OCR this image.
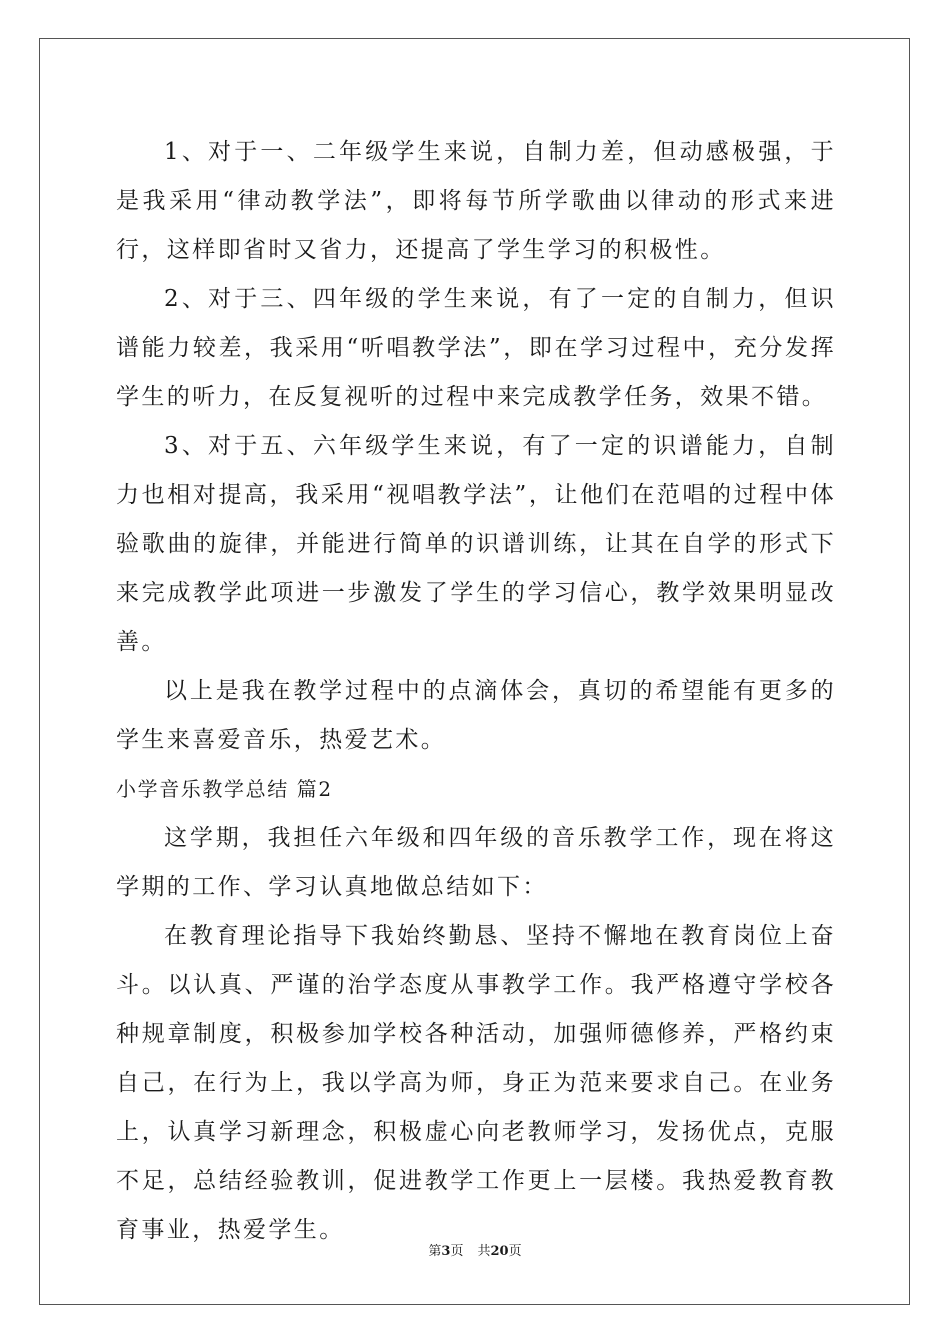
1、对于一、二年级学生来说，自制力差，但动感极强，于是我采用“律动教学法”，即将每节所学歌曲以律动的形式来进行，这样即省时又省力，还提高了学生学习的积极性。

2、对于三、四年级的学生来说，有了一定的自制力，但识谱能力较差，我采用“听唱教学法”，即在学习过程中，充分发挥学生的听力，在反复视听的过程中来完成教学任务，效果不错。

3、对于五、六年级学生来说，有了一定的识谱能力，自制力也相对提高，我采用“视唱教学法”，让他们在范唱的过程中体验歌曲的旋律，并能进行简单的识谱训练，让其在自学的形式下来完成教学此项进一步激发了学生的学习信心，教学效果明显改善。

以上是我在教学过程中的点滴体会，真切的希望能有更多的学生来喜爱音乐，热爱艺术。

小学音乐教学总结 篇2

这学期，我担任六年级和四年级的音乐教学工作，现在将这学期的工作、学习认真地做总结如下：

在教育理论指导下我始终勤恳、坚持不懈地在教育岗位上奋斗。以认真、严谨的治学态度从事教学工作。我严格遵守学校各种规章制度，积极参加学校各种活动，加强师德修养，严格约束自己，在行为上，我以学高为师，身正为范来要求自己。在业务上，认真学习新理念，积极虚心向老教师学习，发扬优点，克服不足，总结经验教训，促进教学工作更上一层楼。我热爱教育教育事业，热爱学生。

第3页 共20页
